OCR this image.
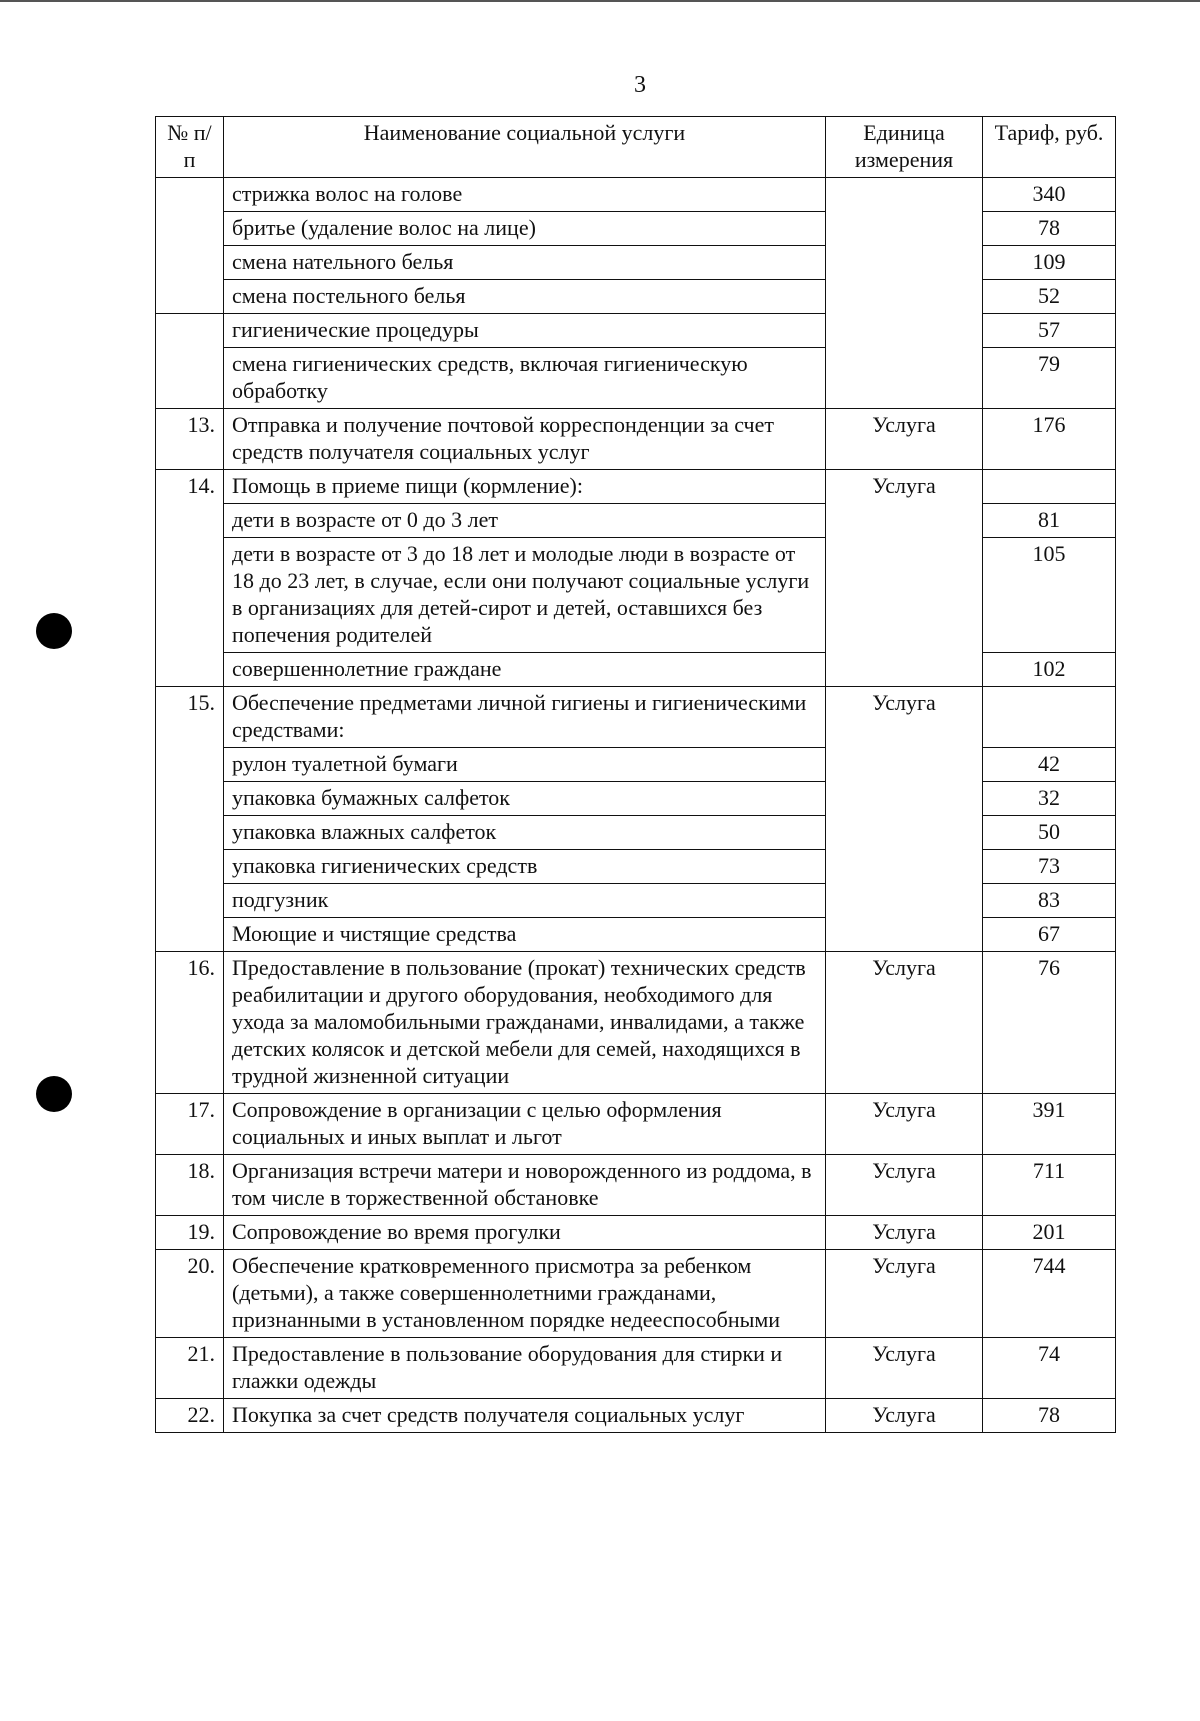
3
№ п/п	Наименование социальной услуги	Единица измерения	Тариф, руб.
	стрижка волос на голове		340
	бритье (удаление волос на лице)		78
	смена нательного белья		109
	смена постельного белья		52
	гигиенические процедуры		57
	смена гигиенических средств, включая гигиеническую обработку		79
13.	Отправка и получение почтовой корреспонденции за счет средств получателя социальных услуг	Услуга	176
14.	Помощь в приеме пищи (кормление):	Услуга	
	дети в возрасте от 0 до 3 лет		81
	дети в возрасте от 3 до 18 лет и молодые люди в возрасте от 18 до 23 лет, в случае, если они получают социальные услуги в организациях для детей-сирот и детей, оставшихся без попечения родителей		105
	совершеннолетние граждане		102
15.	Обеспечение предметами личной гигиены и гигиеническими средствами:	Услуга	
	рулон туалетной бумаги		42
	упаковка бумажных салфеток		32
	упаковка влажных салфеток		50
	упаковка гигиенических средств		73
	подгузник		83
	Моющие и чистящие средства		67
16.	Предоставление в пользование (прокат) технических средств реабилитации и другого оборудования, необходимого для ухода за маломобильными гражданами, инвалидами, а также детских колясок и детской мебели для семей, находящихся в трудной жизненной ситуации	Услуга	76
17.	Сопровождение в организации с целью оформления социальных и иных выплат и льгот	Услуга	391
18.	Организация встречи матери и новорожденного из роддома, в том числе в торжественной обстановке	Услуга	711
19.	Сопровождение во время прогулки	Услуга	201
20.	Обеспечение кратковременного присмотра за ребенком (детьми), а также совершеннолетними гражданами, признанными в установленном порядке недееспособными	Услуга	744
21.	Предоставление в пользование оборудования для стирки и глажки одежды	Услуга	74
22.	Покупка за счет средств получателя социальных услуг	Услуга	78
